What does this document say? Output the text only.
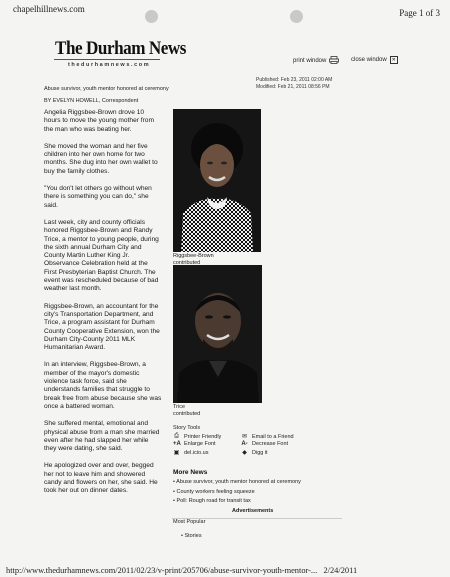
chapelhillnews.com	Page 1 of 3
The Durham News
thedurhamnews.com
print window	close window ✕
Abuse survivor, youth mentor honored at ceremony
Published: Feb 23, 2011 02:00 AM
Modified: Feb 21, 2011 08:56 PM
BY EVELYN HOWELL, Correspondent

Angelia Riggsbee-Brown drove 10 hours to move the young mother from the man who was beating her.

She moved the woman and her five children into her own home for two months. She dug into her own wallet to buy the family clothes.

"You don't let others go without when there is something you can do," she said.

Last week, city and county officials honored Riggsbee-Brown and Randy Trice, a mentor to young people, during the sixth annual Durham City and County Martin Luther King Jr. Observance Celebration held at the First Presbyterian Baptist Church. The event was rescheduled because of bad weather last month.

Riggsbee-Brown, an accountant for the city's Transportation Department, and Trice, a program assistant for Durham County Cooperative Extension, won the Durham City-County 2011 MLK Humanitarian Award.

In an interview, Riggsbee-Brown, a member of the mayor's domestic violence task force, said she understands families that struggle to break free from abuse because she was once a battered woman.

She suffered mental, emotional and physical abuse from a man she married even after he had slapped her while they were dating, she said.

He apologized over and over, begged her not to leave him and showered candy and flowers on her, she said. He took her out on dinner dates.

Riggsbee-Brown
contributed
Trice
contributed
Story Tools
⎙ Printer Friendly	✉ Email to a Friend
+A Enlarge Font	A- Decrease Font
▣ del.icio.us	◆ Digg it
More News
• Abuse survivor, youth mentor honored at ceremony
• County workers feeling squeeze
• Poll: Rough road for transit tax
Advertisements
Most Popular
• Stories
http://www.thedurhamnews.com/2011/02/23/v-print/205706/abuse-survivor-youth-mentor-... 2/24/2011
